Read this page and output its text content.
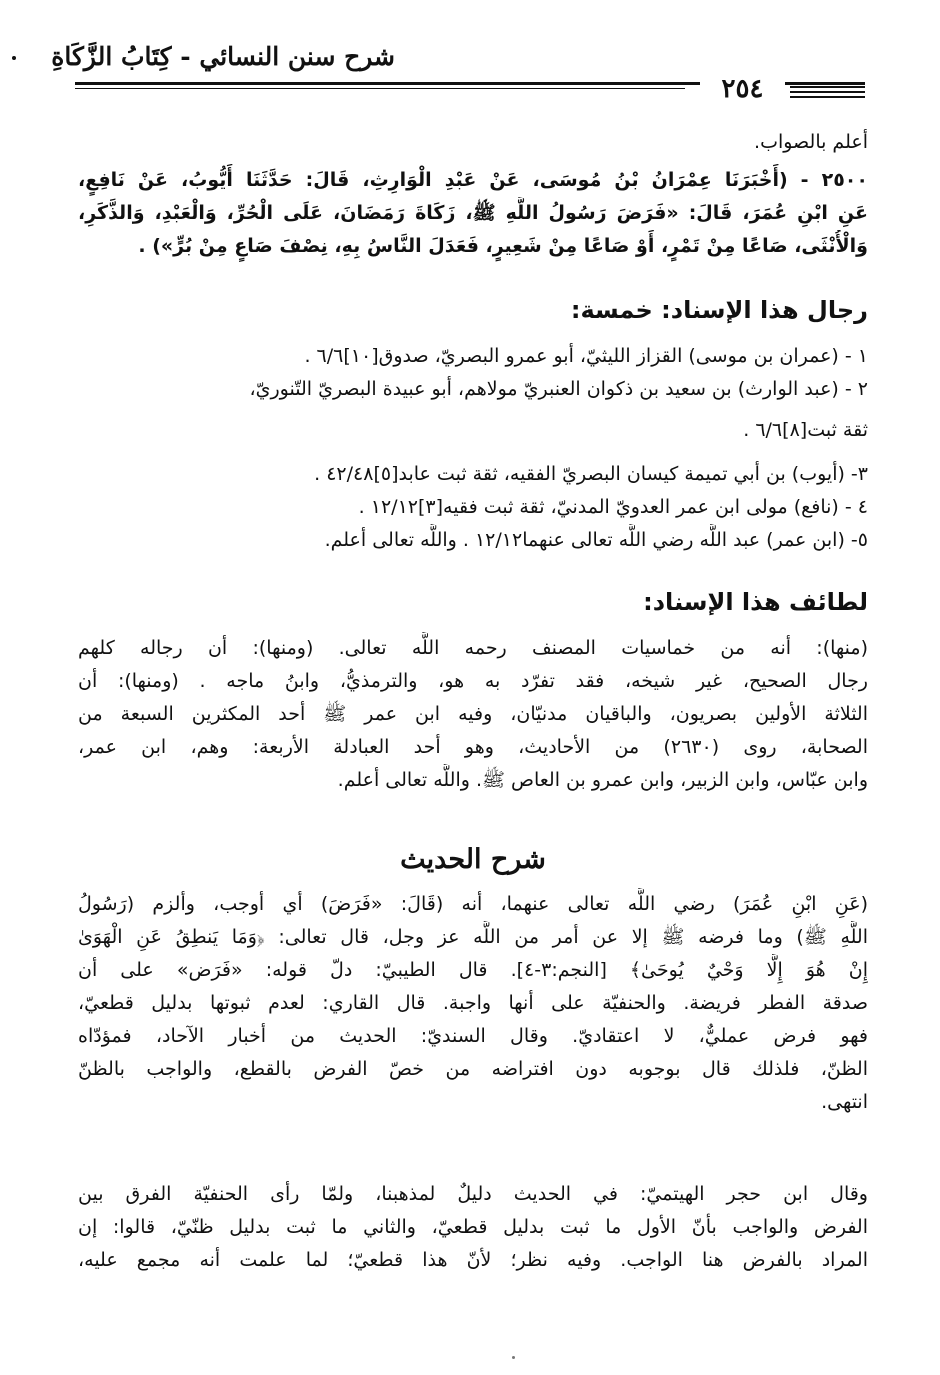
شرح سنن النسائي - كِتَابُ الزَّكَاةِ
٢٥٤
أعلم بالصواب.
٢٥٠٠ - (أَخْبَرَنَا عِمْرَانُ بْنُ مُوسَى، عَنْ عَبْدِ الْوَارِثِ، قَالَ: حَدَّثَنَا أَيُّوبُ، عَنْ نَافِعٍ،
عَنِ ابْنِ عُمَرَ، قَالَ: «فَرَضَ رَسُولُ اللَّهِ ﷺ، زَكَاةَ رَمَضَانَ، عَلَى الْحُرِّ، وَالْعَبْدِ، وَالذَّكَرِ،
وَالْأُنْثَى، صَاعًا مِنْ تَمْرٍ، أَوْ صَاعًا مِنْ شَعِيرٍ، فَعَدَلَ النَّاسُ بِهِ، نِصْفَ صَاعٍ مِنْ بُرٍّ») .
رجال هذا الإسناد: خمسة:
١ - (عمران بن موسى) القزاز الليثيّ، أبو عمرو البصريّ، صدوق[١٠]٦/٦ .
٢ - (عبد الوارث) بن سعيد بن ذكوان العنبريّ مولاهم، أبو عبيدة البصريّ التّنوريّ،
ثقة ثبت[٨]٦/٦ .
٣- (أيوب) بن أبي تميمة كيسان البصريّ الفقيه، ثقة ثبت عابد[٥]٤٢/٤٨ .
٤ - (نافع) مولى ابن عمر العدويّ المدنيّ، ثقة ثبت فقيه[٣]١٢/١٢ .
٥- (ابن عمر) عبد اللَّه رضي اللَّه تعالى عنهما١٢/١٢ . واللَّه تعالى أعلم.
لطائف هذا الإسناد:
(منها): أنه من خماسيات المصنف رحمه اللَّه تعالى. (ومنها): أن رجاله كلهم
رجال الصحيح، غير شيخه، فقد تفرّد به هو، والترمذيُّ، وابنُ ماجه . (ومنها): أن
الثلاثة الأولين بصريون، والباقيان مدنيّان، وفيه ابن عمر ﷺ أحد المكثرين السبعة من
الصحابة، روى (٢٦٣٠) من الأحاديث، وهو أحد العبادلة الأربعة: وهم، ابن عمر،
وابن عبّاس، وابن الزبير، وابن عمرو بن العاص ﷺ. واللَّه تعالى أعلم.
شرح الحديث
(عَنِ ابْنِ عُمَرَ) رضي اللَّه تعالى عنهما، أنه (قَالَ: «فَرَضَ) أي أوجب، وألزم (رَسُولُ
اللَّهِ ﷺ) وما فرضه ﷺ إلا عن أمر من اللَّه عز وجل، قال تعالى: ﴿وَمَا يَنطِقُ عَنِ الْهَوَىٰ
إِنْ هُوَ إِلَّا وَحْيٌ يُوحَىٰ﴾ [النجم:٣-٤]. قال الطيبيّ: دلّ قوله: «فَرَض» على أن
صدقة الفطر فريضة. والحنفيّة على أنها واجبة. قال القاري: لعدم ثبوتها بدليل قطعيّ،
فهو فرض عمليٌّ، لا اعتقاديّ. وقال السنديّ: الحديث من أخبار الآحاد، فمؤدّاه
الظنّ، فلذلك قال بوجوبه دون افتراضه من خصّ الفرض بالقطع، والواجب بالظنّ
انتهى.
وقال ابن حجر الهيتميّ: في الحديث دليلٌ لمذهبنا، ولمّا رأى الحنفيّة الفرق بين
الفرض والواجب بأنّ الأول ما ثبت بدليل قطعيّ، والثاني ما ثبت بدليل ظنّيّ، قالوا: إن
المراد بالفرض هنا الواجب. وفيه نظر؛ لأنّ هذا قطعيّ؛ لما علمت أنه مجمع عليه،
